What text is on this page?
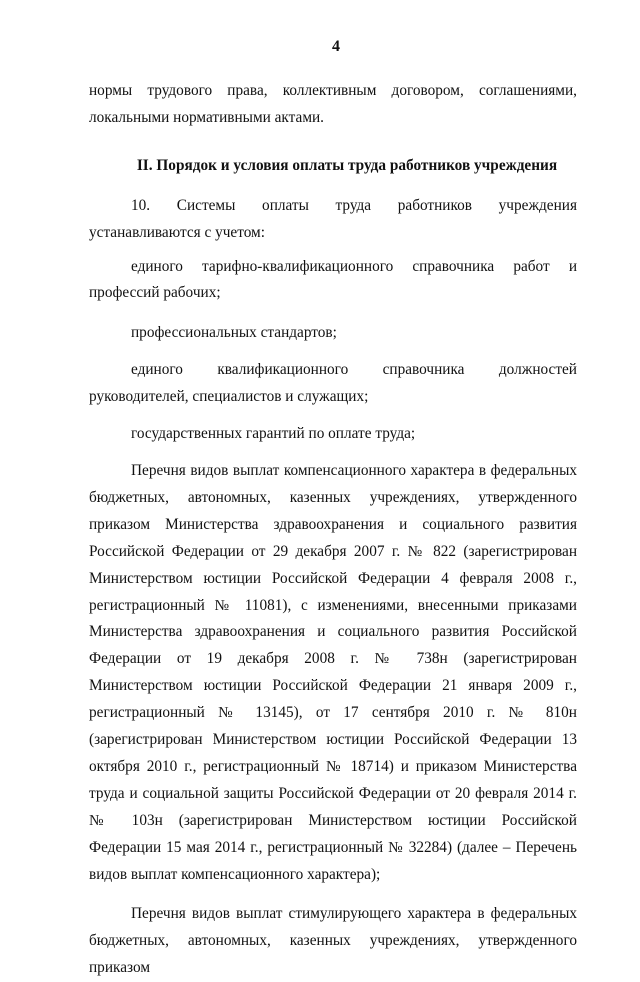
4

нормы трудового права, коллективным договором, соглашениями, локальными нормативными актами.

II. Порядок и условия оплаты труда работников учреждения

10. Системы оплаты труда работников учреждения устанавливаются с учетом:

единого тарифно-квалификационного справочника работ и профессий рабочих;

профессиональных стандартов;

единого квалификационного справочника должностей руководителей, специалистов и служащих;

государственных гарантий по оплате труда;

Перечня видов выплат компенсационного характера в федеральных бюджетных, автономных, казенных учреждениях, утвержденного приказом Министерства здравоохранения и социального развития Российской Федерации от 29 декабря 2007 г. № 822 (зарегистрирован Министерством юстиции Российской Федерации 4 февраля 2008 г., регистрационный № 11081), с изменениями, внесенными приказами Министерства здравоохранения и социального развития Российской Федерации от 19 декабря 2008 г. № 738н (зарегистрирован Министерством юстиции Российской Федерации 21 января 2009 г., регистрационный № 13145), от 17 сентября 2010 г. № 810н (зарегистрирован Министерством юстиции Российской Федерации 13 октября 2010 г., регистрационный № 18714) и приказом Министерства труда и социальной защиты Российской Федерации от 20 февраля 2014 г. № 103н (зарегистрирован Министерством юстиции Российской Федерации 15 мая 2014 г., регистрационный № 32284) (далее – Перечень видов выплат компенсационного характера);

Перечня видов выплат стимулирующего характера в федеральных бюджетных, автономных, казенных учреждениях, утвержденного приказом
